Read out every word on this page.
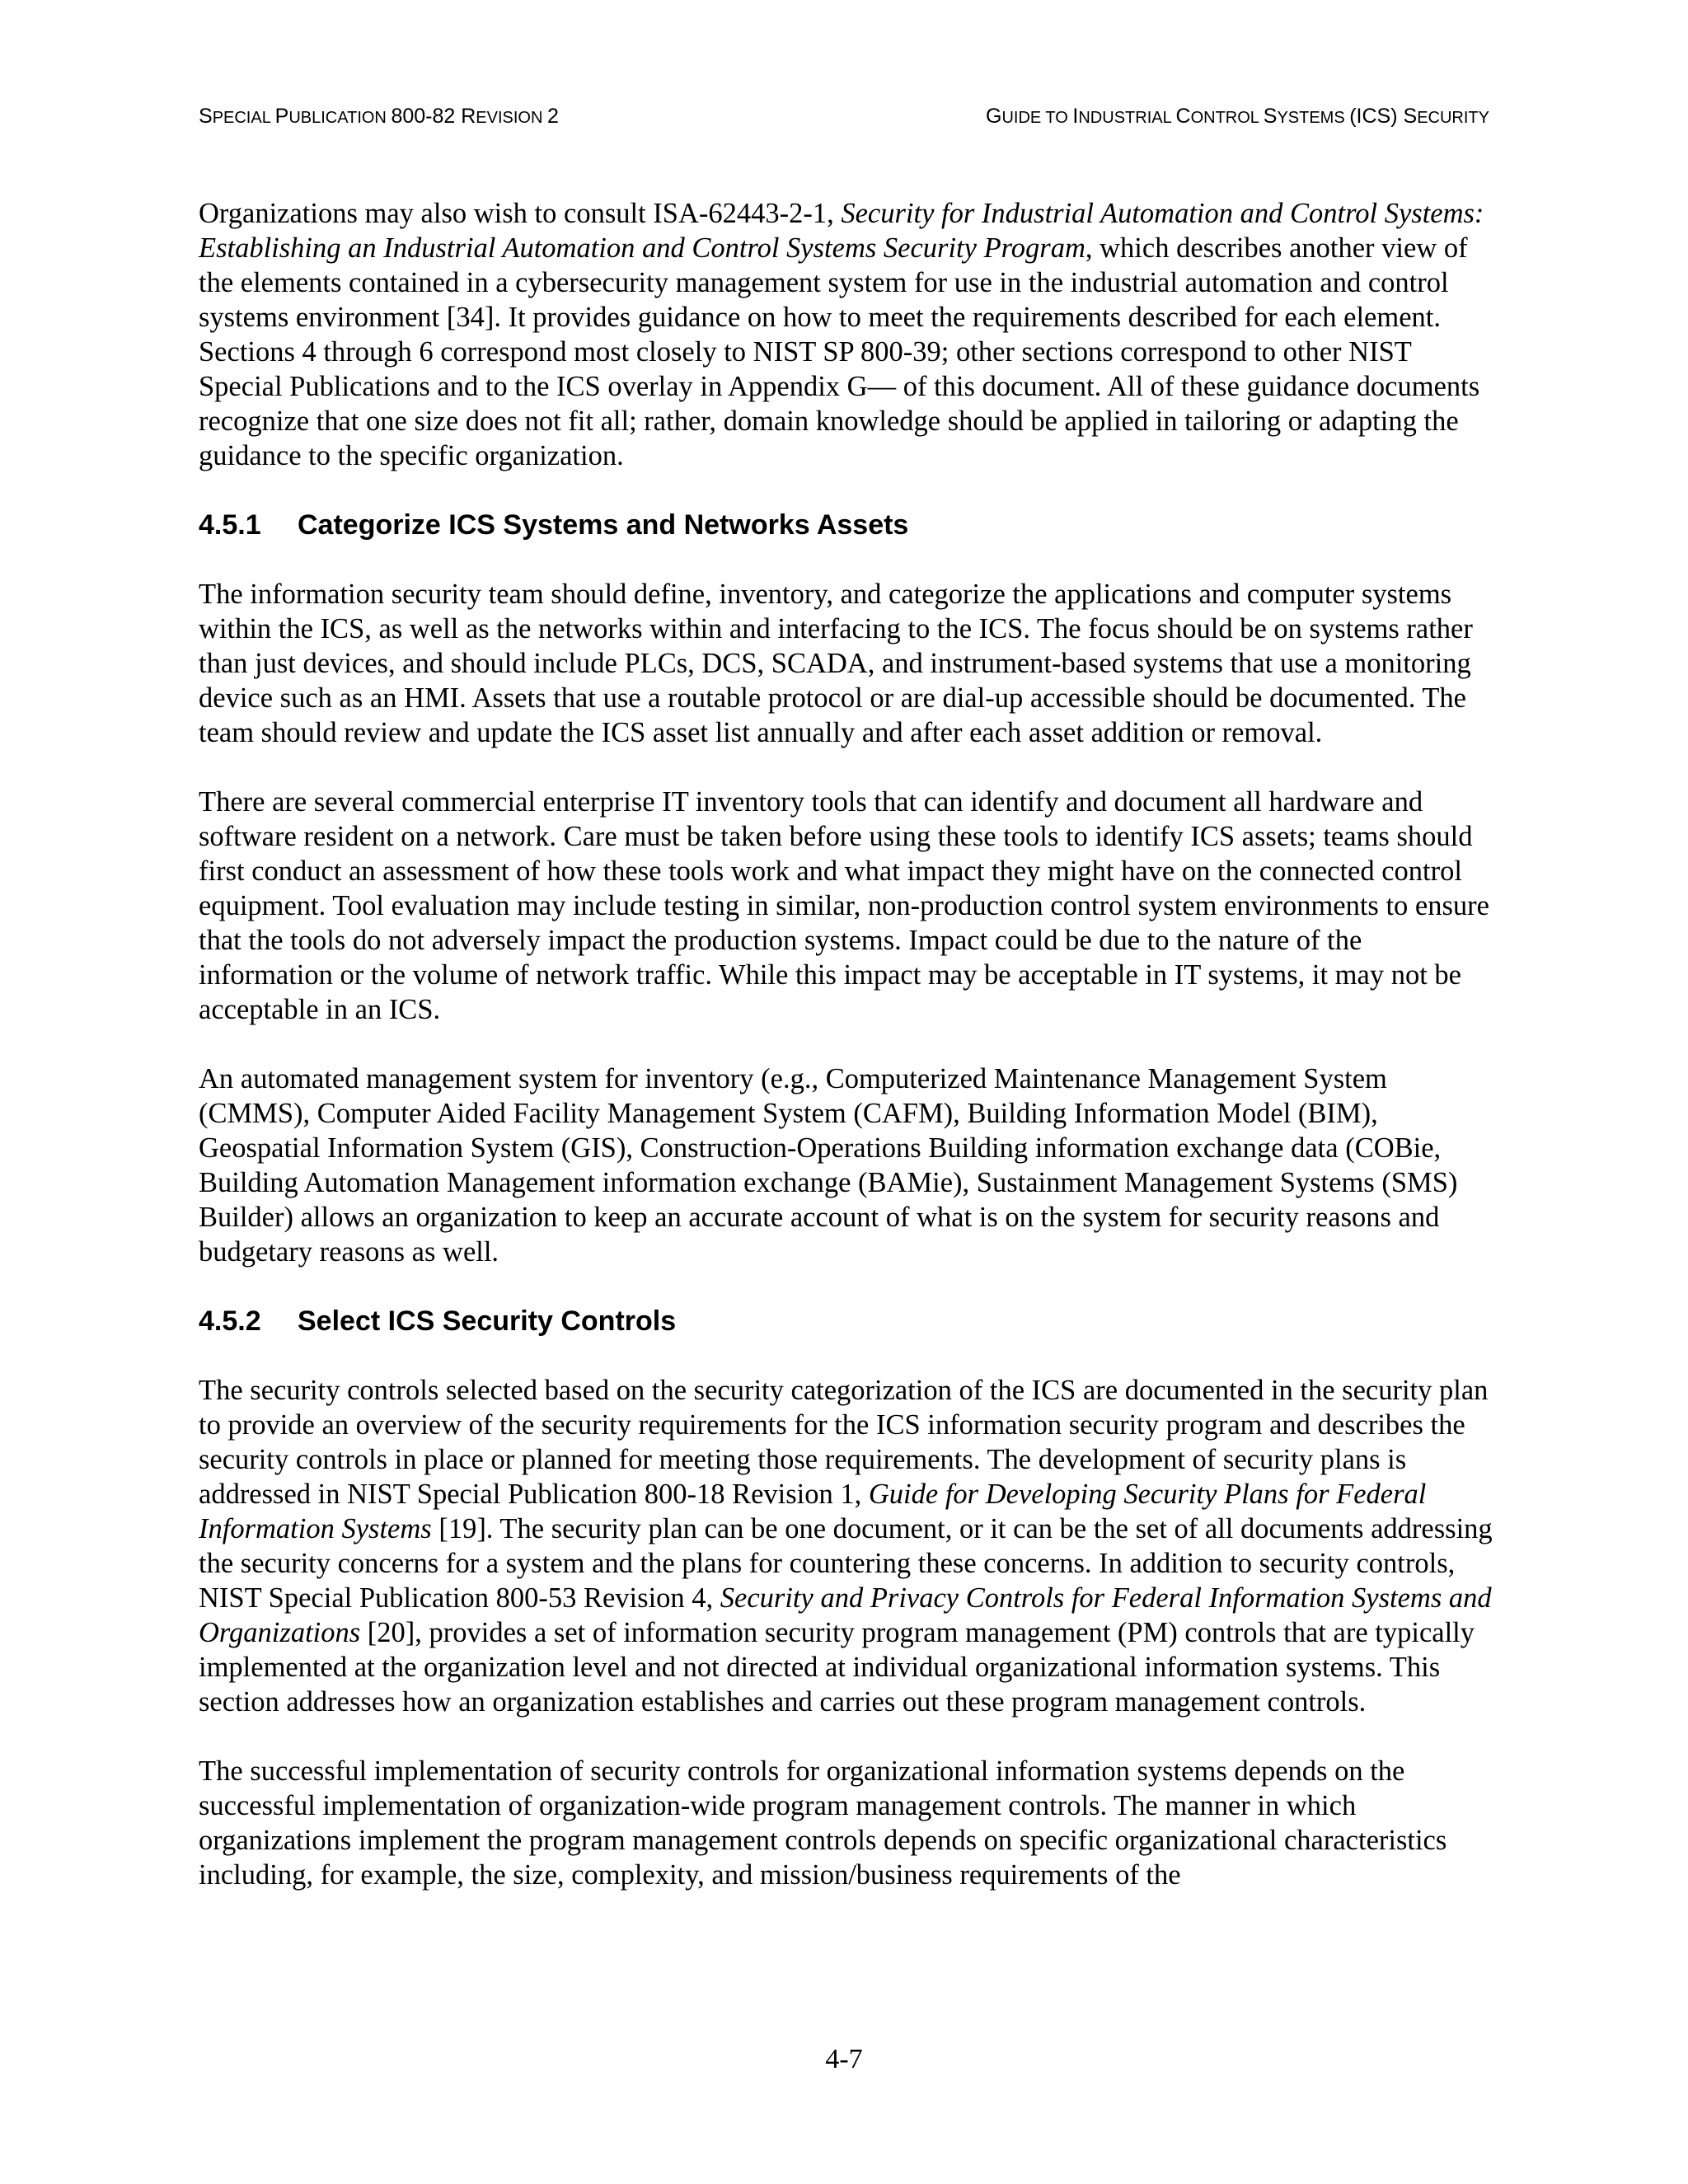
SPECIAL PUBLICATION 800-82 REVISION 2	GUIDE TO INDUSTRIAL CONTROL SYSTEMS (ICS) SECURITY

Organizations may also wish to consult ISA-62443-2-1, Security for Industrial Automation and Control Systems: Establishing an Industrial Automation and Control Systems Security Program, which describes another view of the elements contained in a cybersecurity management system for use in the industrial automation and control systems environment [34]. It provides guidance on how to meet the requirements described for each element. Sections 4 through 6 correspond most closely to NIST SP 800-39; other sections correspond to other NIST Special Publications and to the ICS overlay in Appendix G— of this document. All of these guidance documents recognize that one size does not fit all; rather, domain knowledge should be applied in tailoring or adapting the guidance to the specific organization.

4.5.1	Categorize ICS Systems and Networks Assets

The information security team should define, inventory, and categorize the applications and computer systems within the ICS, as well as the networks within and interfacing to the ICS. The focus should be on systems rather than just devices, and should include PLCs, DCS, SCADA, and instrument-based systems that use a monitoring device such as an HMI. Assets that use a routable protocol or are dial-up accessible should be documented. The team should review and update the ICS asset list annually and after each asset addition or removal.

There are several commercial enterprise IT inventory tools that can identify and document all hardware and software resident on a network. Care must be taken before using these tools to identify ICS assets; teams should first conduct an assessment of how these tools work and what impact they might have on the connected control equipment. Tool evaluation may include testing in similar, non-production control system environments to ensure that the tools do not adversely impact the production systems. Impact could be due to the nature of the information or the volume of network traffic. While this impact may be acceptable in IT systems, it may not be acceptable in an ICS.

An automated management system for inventory (e.g., Computerized Maintenance Management System (CMMS), Computer Aided Facility Management System (CAFM), Building Information Model (BIM), Geospatial Information System (GIS), Construction-Operations Building information exchange data (COBie, Building Automation Management information exchange (BAMie), Sustainment Management Systems (SMS) Builder) allows an organization to keep an accurate account of what is on the system for security reasons and budgetary reasons as well.

4.5.2	Select ICS Security Controls

The security controls selected based on the security categorization of the ICS are documented in the security plan to provide an overview of the security requirements for the ICS information security program and describes the security controls in place or planned for meeting those requirements. The development of security plans is addressed in NIST Special Publication 800-18 Revision 1, Guide for Developing Security Plans for Federal Information Systems [19]. The security plan can be one document, or it can be the set of all documents addressing the security concerns for a system and the plans for countering these concerns. In addition to security controls, NIST Special Publication 800-53 Revision 4, Security and Privacy Controls for Federal Information Systems and Organizations [20], provides a set of information security program management (PM) controls that are typically implemented at the organization level and not directed at individual organizational information systems. This section addresses how an organization establishes and carries out these program management controls.

The successful implementation of security controls for organizational information systems depends on the successful implementation of organization-wide program management controls. The manner in which organizations implement the program management controls depends on specific organizational characteristics including, for example, the size, complexity, and mission/business requirements of the

4-7
